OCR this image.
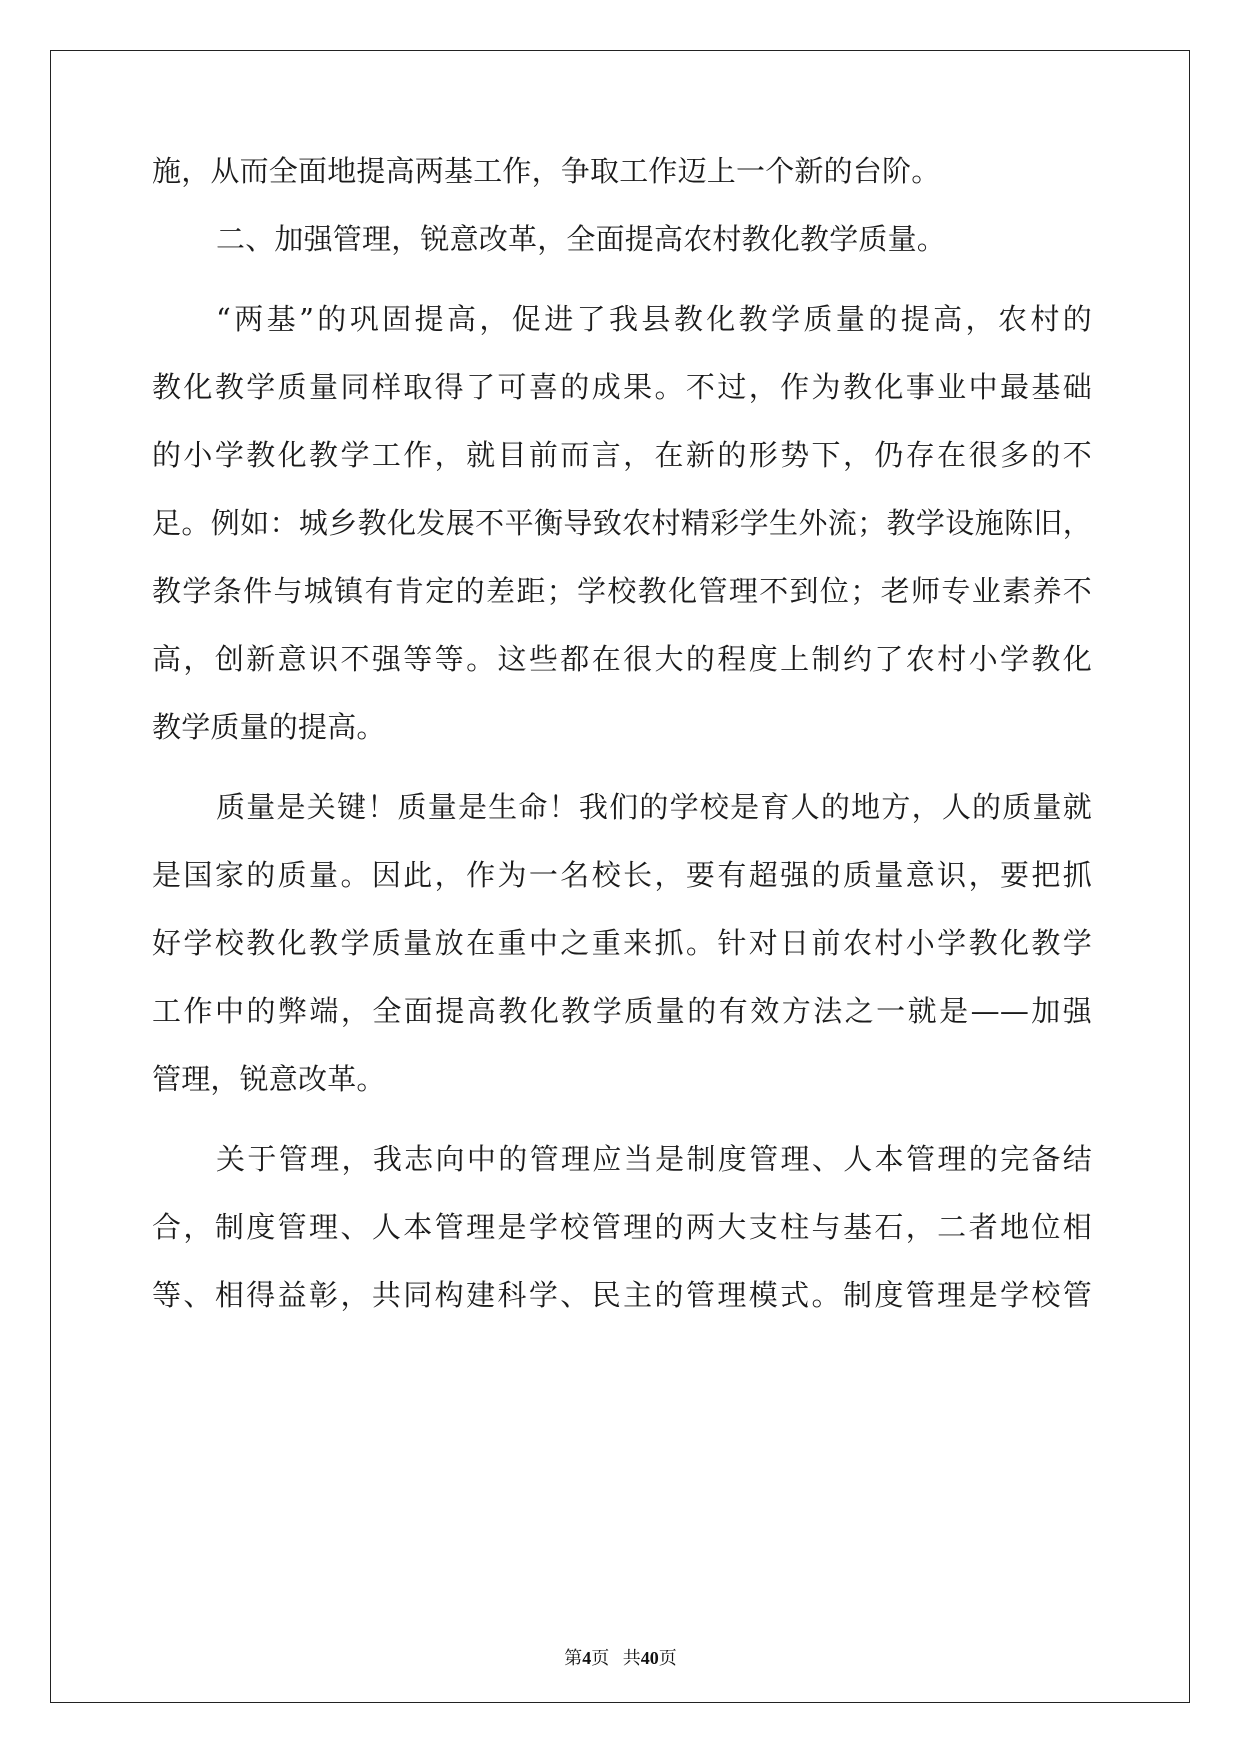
施，从而全面地提高两基工作，争取工作迈上一个新的台阶。
二、加强管理，锐意改革，全面提高农村教化教学质量。
“两基”的巩固提高，促进了我县教化教学质量的提高，农村的
教化教学质量同样取得了可喜的成果。不过，作为教化事业中最基础
的小学教化教学工作，就目前而言，在新的形势下，仍存在很多的不
足。例如：城乡教化发展不平衡导致农村精彩学生外流；教学设施陈旧，
教学条件与城镇有肯定的差距；学校教化管理不到位；老师专业素养不
高，创新意识不强等等。这些都在很大的程度上制约了农村小学教化
教学质量的提高。
质量是关键！质量是生命！我们的学校是育人的地方，人的质量就
是国家的质量。因此，作为一名校长，要有超强的质量意识，要把抓
好学校教化教学质量放在重中之重来抓。针对日前农村小学教化教学
工作中的弊端，全面提高教化教学质量的有效方法之一就是——加强
管理，锐意改革。
关于管理，我志向中的管理应当是制度管理、人本管理的完备结
合，制度管理、人本管理是学校管理的两大支柱与基石，二者地位相
等、相得益彰，共同构建科学、民主的管理模式。制度管理是学校管
第4页 共40页
